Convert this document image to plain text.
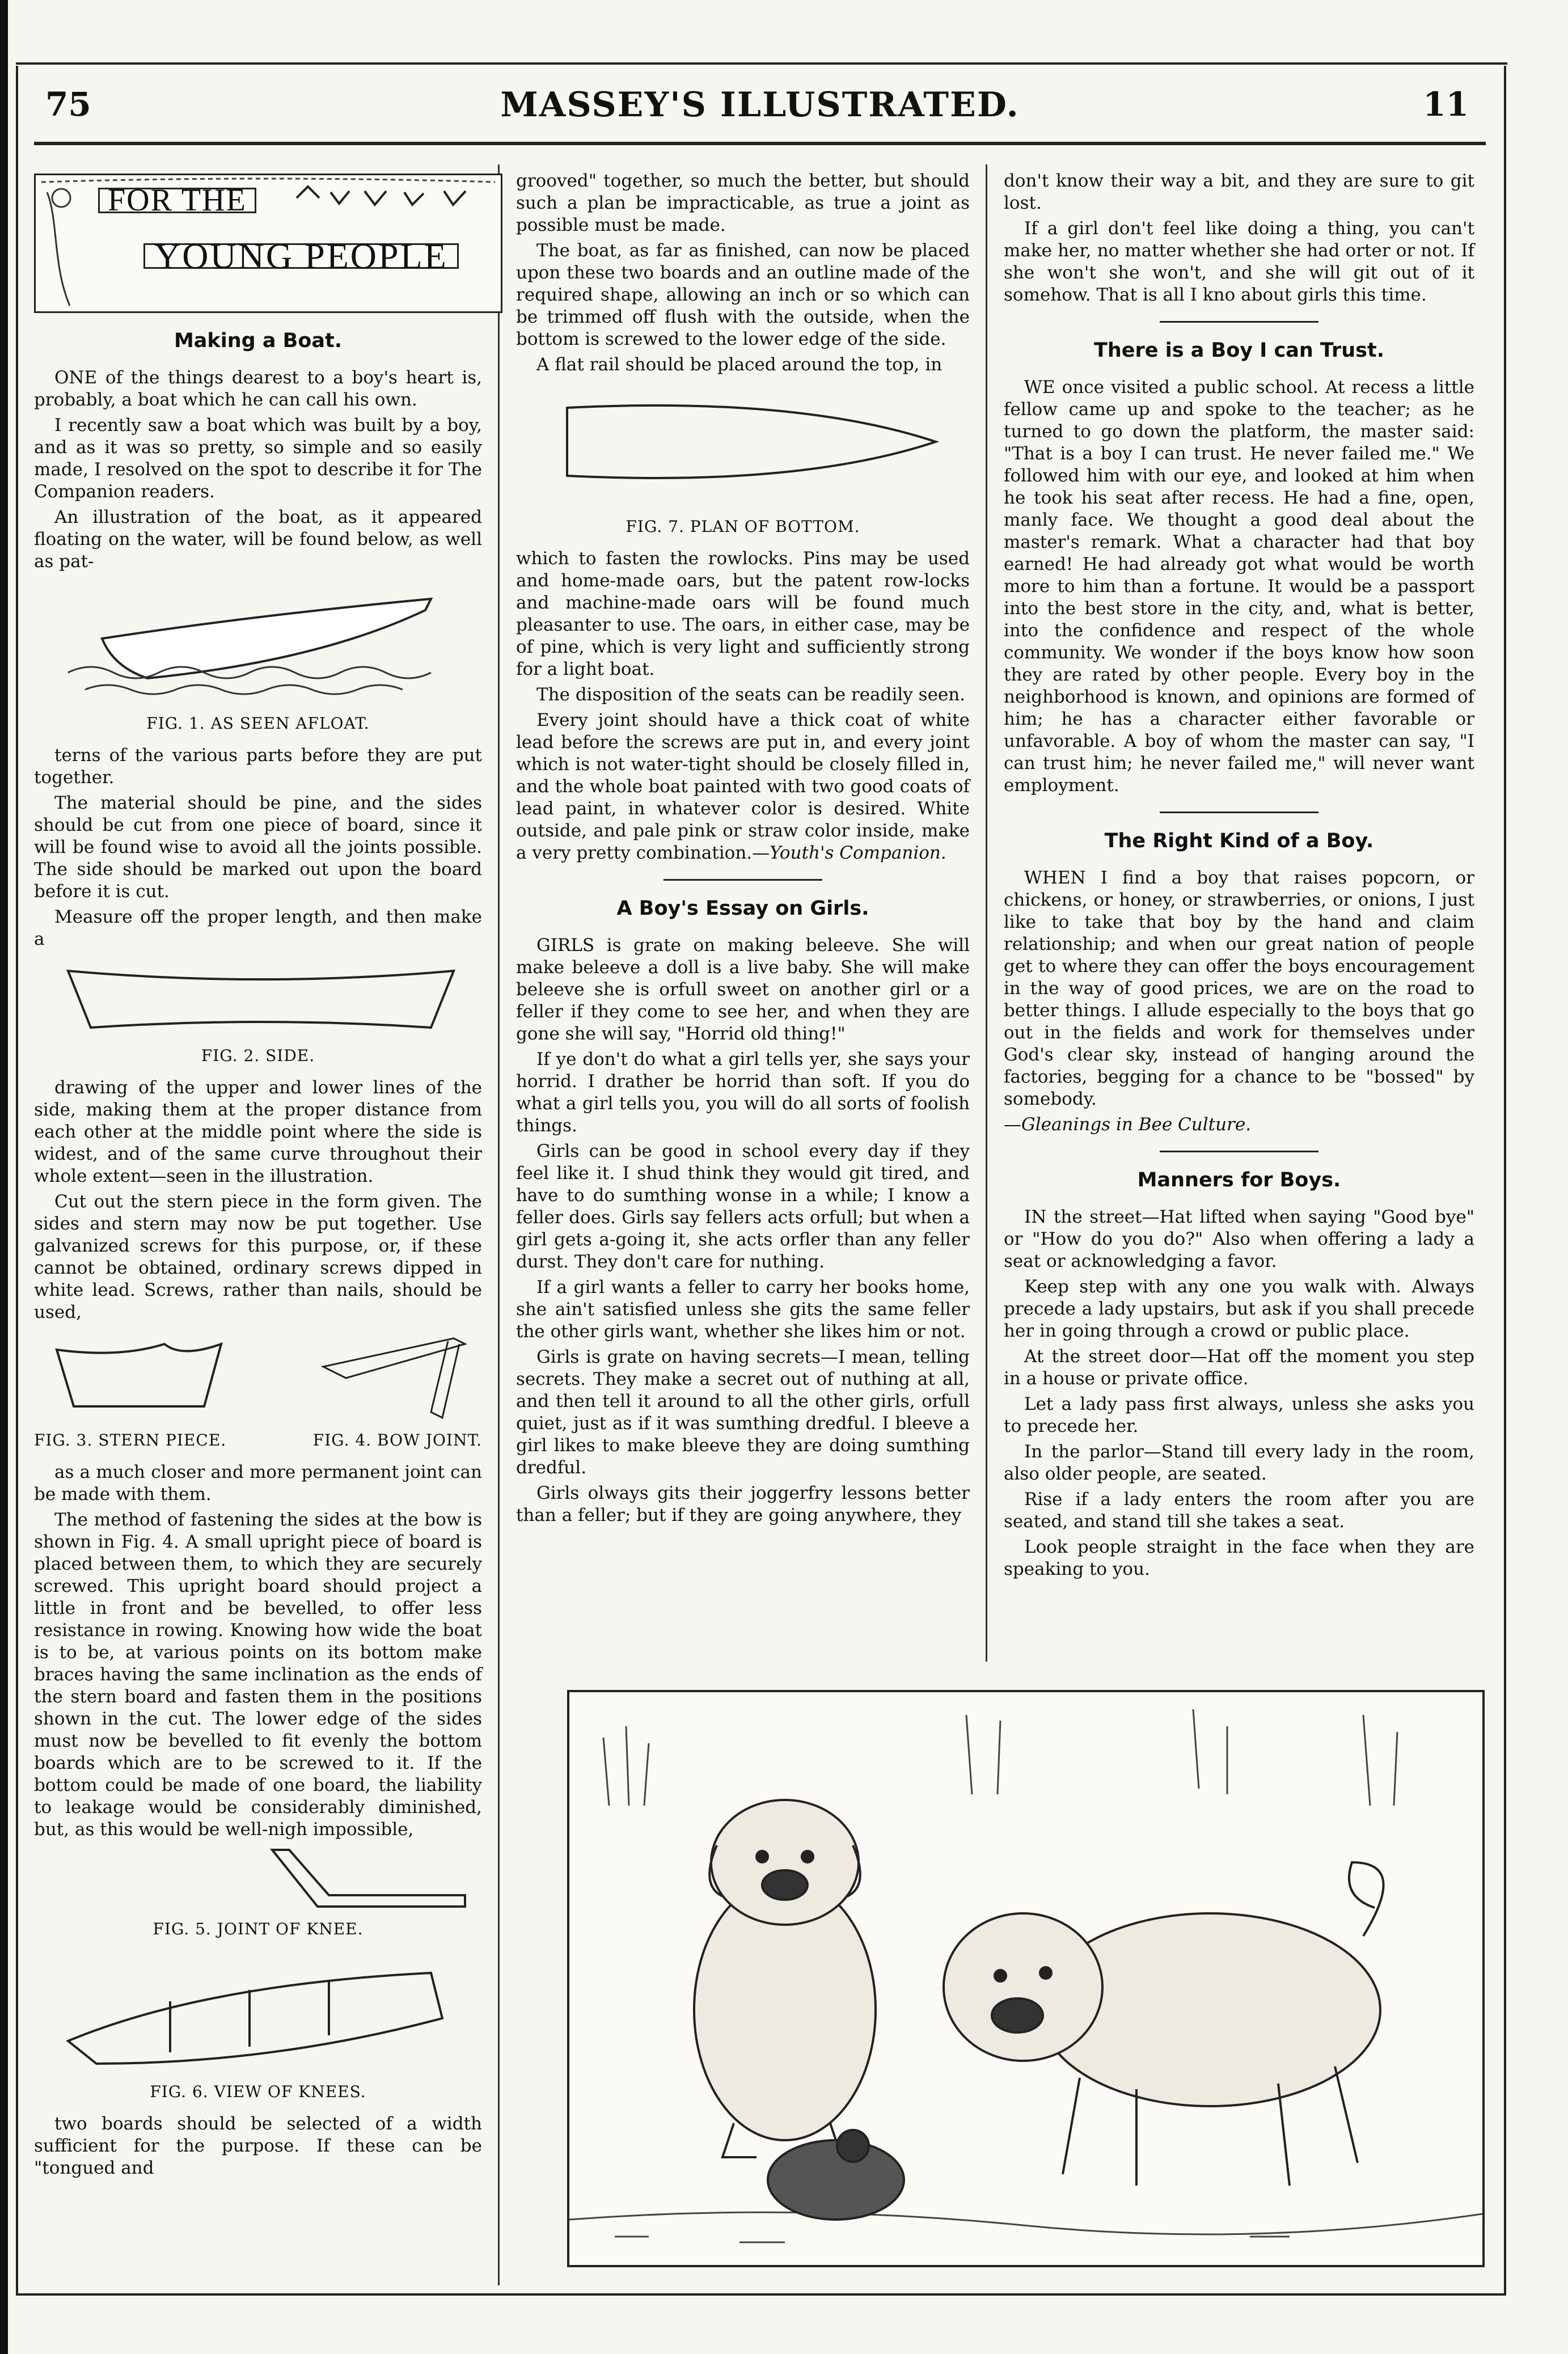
75	MASSEY'S ILLUSTRATED.	11
FOR THE
YOUNG PEOPLE
Making a Boat.

ONE of the things dearest to a boy's heart is, probably, a boat which he can call his own.

I recently saw a boat which was built by a boy, and as it was so pretty, so simple and so easily made, I resolved on the spot to describe it for The Companion readers.

An illustration of the boat, as it appeared floating on the water, will be found below, as well as pat-

FIG. 1. AS SEEN AFLOAT.

terns of the various parts before they are put together.

The material should be pine, and the sides should be cut from one piece of board, since it will be found wise to avoid all the joints possible. The side should be marked out upon the board before it is cut.

Measure off the proper length, and then make a

FIG. 2. SIDE.

drawing of the upper and lower lines of the side, making them at the proper distance from each other at the middle point where the side is widest, and of the same curve throughout their whole extent—seen in the illustration.

Cut out the stern piece in the form given. The sides and stern may now be put together. Use galvanized screws for this purpose, or, if these cannot be obtained, ordinary screws dipped in white lead. Screws, rather than nails, should be used,

FIG. 3. STERN PIECE.	FIG. 4. BOW JOINT.

as a much closer and more permanent joint can be made with them.

The method of fastening the sides at the bow is shown in Fig. 4. A small upright piece of board is placed between them, to which they are securely screwed. This upright board should project a little in front and be bevelled, to offer less resistance in rowing. Knowing how wide the boat is to be, at various points on its bottom make braces having the same inclination as the ends of the stern board and fasten them in the positions shown in the cut. The lower edge of the sides must now be bevelled to fit evenly the bottom boards which are to be screwed to it. If the bottom could be made of one board, the liability to leakage would be considerably diminished, but, as this would be well-nigh impossible,

FIG. 5. JOINT OF KNEE.
FIG. 6. VIEW OF KNEES.

two boards should be selected of a width sufficient for the purpose. If these can be "tongued and

grooved" together, so much the better, but should such a plan be impracticable, as true a joint as possible must be made.

The boat, as far as finished, can now be placed upon these two boards and an outline made of the required shape, allowing an inch or so which can be trimmed off flush with the outside, when the bottom is screwed to the lower edge of the side.

A flat rail should be placed around the top, in

FIG. 7. PLAN OF BOTTOM.

which to fasten the rowlocks. Pins may be used and home-made oars, but the patent row-locks and machine-made oars will be found much pleasanter to use. The oars, in either case, may be of pine, which is very light and sufficiently strong for a light boat.

The disposition of the seats can be readily seen.

Every joint should have a thick coat of white lead before the screws are put in, and every joint which is not water-tight should be closely filled in, and the whole boat painted with two good coats of lead paint, in whatever color is desired. White outside, and pale pink or straw color inside, make a very pretty combination.—Youth's Companion.

A Boy's Essay on Girls.

GIRLS is grate on making beleeve. She will make beleeve a doll is a live baby. She will make beleeve she is orfull sweet on another girl or a feller if they come to see her, and when they are gone she will say, "Horrid old thing!"

If ye don't do what a girl tells yer, she says your horrid. I drather be horrid than soft. If you do what a girl tells you, you will do all sorts of foolish things.

Girls can be good in school every day if they feel like it. I shud think they would git tired, and have to do sumthing wonse in a while; I know a feller does. Girls say fellers acts orfull; but when a girl gets a-going it, she acts orfler than any feller durst. They don't care for nuthing.

If a girl wants a feller to carry her books home, she ain't satisfied unless she gits the same feller the other girls want, whether she likes him or not.

Girls is grate on having secrets—I mean, telling secrets. They make a secret out of nuthing at all, and then tell it around to all the other girls, orfull quiet, just as if it was sumthing dredful. I bleeve a girl likes to make bleeve they are doing sumthing dredful.

Girls olways gits their joggerfry lessons better than a feller; but if they are going anywhere, they

don't know their way a bit, and they are sure to git lost.

If a girl don't feel like doing a thing, you can't make her, no matter whether she had orter or not. If she won't she won't, and she will git out of it somehow. That is all I kno about girls this time.

There is a Boy I can Trust.

WE once visited a public school. At recess a little fellow came up and spoke to the teacher; as he turned to go down the platform, the master said: "That is a boy I can trust. He never failed me." We followed him with our eye, and looked at him when he took his seat after recess. He had a fine, open, manly face. We thought a good deal about the master's remark. What a character had that boy earned! He had already got what would be worth more to him than a fortune. It would be a passport into the best store in the city, and, what is better, into the confidence and respect of the whole community. We wonder if the boys know how soon they are rated by other people. Every boy in the neighborhood is known, and opinions are formed of him; he has a character either favorable or unfavorable. A boy of whom the master can say, "I can trust him; he never failed me," will never want employment.

The Right Kind of a Boy.

WHEN I find a boy that raises popcorn, or chickens, or honey, or strawberries, or onions, I just like to take that boy by the hand and claim relationship; and when our great nation of people get to where they can offer the boys encouragement in the way of good prices, we are on the road to better things. I allude especially to the boys that go out in the fields and work for themselves under God's clear sky, instead of hanging around the factories, begging for a chance to be "bossed" by somebody.

—Gleanings in Bee Culture.

Manners for Boys.

IN the street—Hat lifted when saying "Good bye" or "How do you do?" Also when offering a lady a seat or acknowledging a favor.

Keep step with any one you walk with. Always precede a lady upstairs, but ask if you shall precede her in going through a crowd or public place.

At the street door—Hat off the moment you step in a house or private office.

Let a lady pass first always, unless she asks you to precede her.

In the parlor—Stand till every lady in the room, also older people, are seated.

Rise if a lady enters the room after you are seated, and stand till she takes a seat.

Look people straight in the face when they are speaking to you.
